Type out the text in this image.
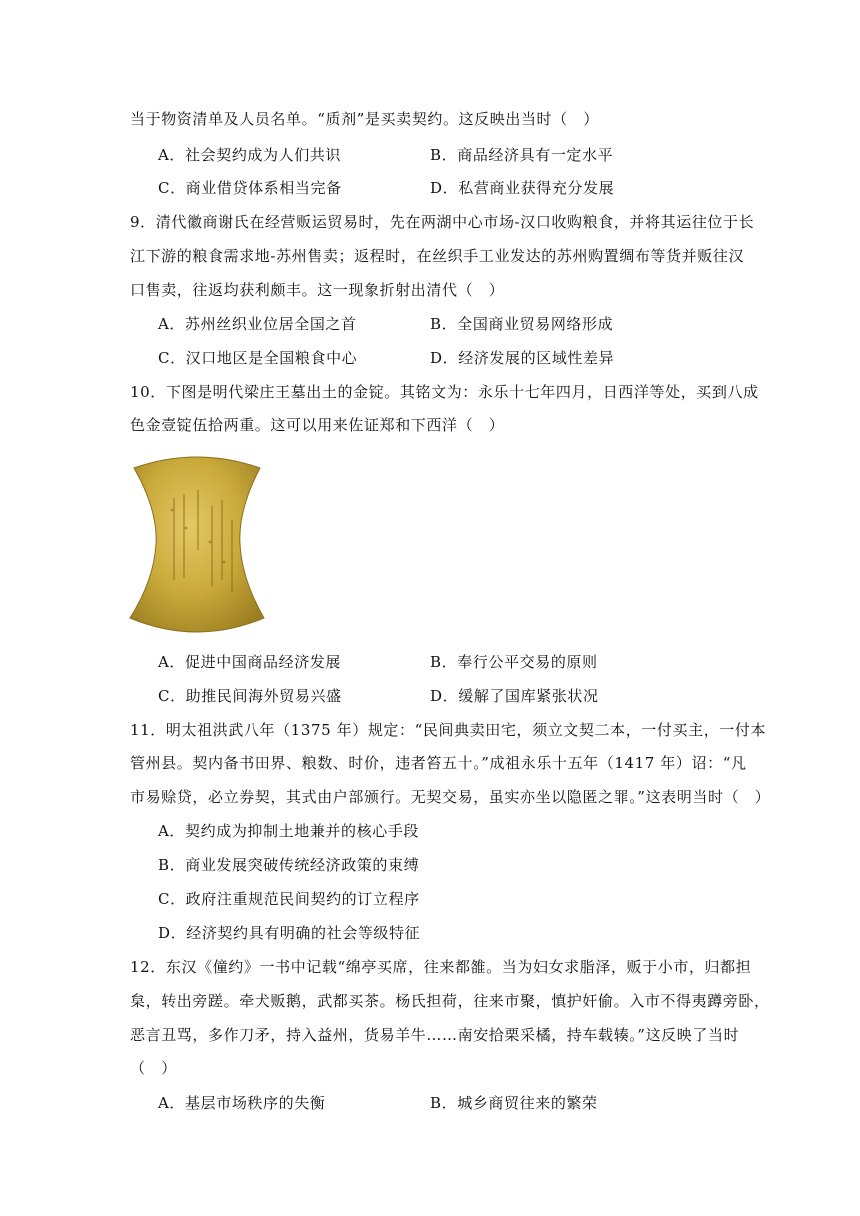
当于物资清单及人员名单。“质剂”是买卖契约。这反映出当时（　）
A．社会契约成为人们共识	B．商品经济具有一定水平
C．商业借贷体系相当完备	D．私营商业获得充分发展
9．清代徽商谢氏在经营贩运贸易时，先在两湖中心市场-汉口收购粮食，并将其运往位于长
江下游的粮食需求地-苏州售卖；返程时，在丝织手工业发达的苏州购置绸布等货并贩往汉
口售卖，往返均获利颇丰。这一现象折射出清代（　）
A．苏州丝织业位居全国之首	B．全国商业贸易网络形成
C．汉口地区是全国粮食中心	D．经济发展的区域性差异
10．下图是明代梁庄王墓出土的金锭。其铭文为：永乐十七年四月，日西洋等处，买到八成
色金壹锭伍拾两重。这可以用来佐证郑和下西洋（　）
A．促进中国商品经济发展	B．奉行公平交易的原则
C．助推民间海外贸易兴盛	D．缓解了国库紧张状况
11．明太祖洪武八年（1375 年）规定：“民间典卖田宅，须立文契二本，一付买主，一付本
管州县。契内备书田界、粮数、时价，违者笞五十。”成祖永乐十五年（1417 年）诏：“凡
市易赊贷，必立券契，其式由户部颁行。无契交易，虽实亦坐以隐匿之罪。”这表明当时（　）
A．契约成为抑制土地兼并的核心手段
B．商业发展突破传统经济政策的束缚
C．政府注重规范民间契约的订立程序
D．经济契约具有明确的社会等级特征
12．东汉《僮约》一书中记载“绵亭买席，往来都雒。当为妇女求脂泽，贩于小市，归都担
枲，转出旁蹉。牵犬贩鹅，武都买茶。杨氏担荷，往来市聚，慎护奸偷。入市不得夷蹲旁卧，
恶言丑骂，多作刀矛，持入益州，货易羊牛……南安拾栗采橘，持车载辏。”这反映了当时
（　）
A．基层市场秩序的失衡	B．城乡商贸往来的繁荣
